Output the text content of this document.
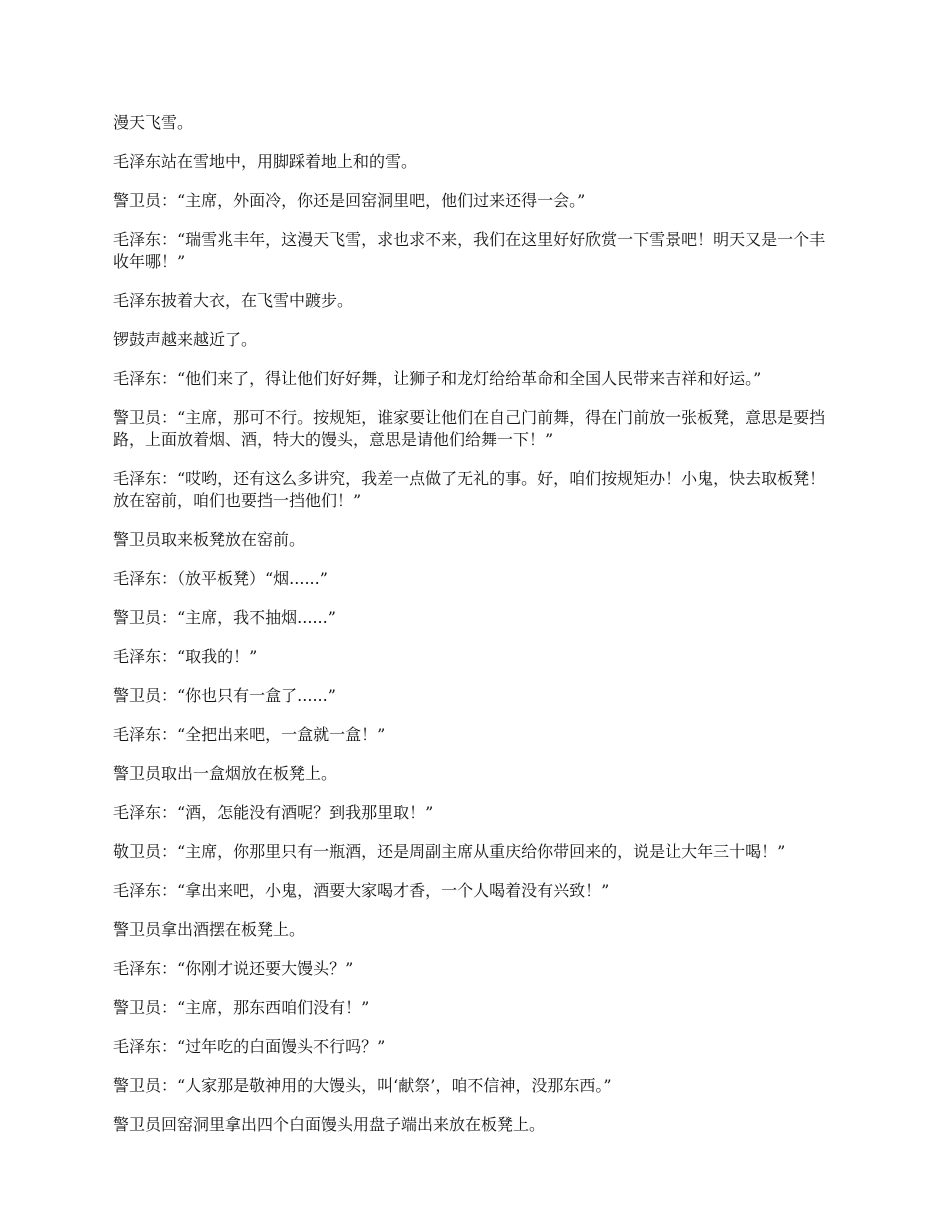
漫天飞雪。

毛泽东站在雪地中，用脚踩着地上和的雪。

警卫员：“主席，外面冷，你还是回窑洞里吧，他们过来还得一会。”

毛泽东：“瑞雪兆丰年，这漫天飞雪，求也求不来，我们在这里好好欣赏一下雪景吧！明天又是一个丰收年哪！”

毛泽东披着大衣，在飞雪中踱步。

锣鼓声越来越近了。

毛泽东：“他们来了，得让他们好好舞，让狮子和龙灯给给革命和全国人民带来吉祥和好运。”

警卫员：“主席，那可不行。按规矩，谁家要让他们在自己门前舞，得在门前放一张板凳，意思是要挡路，上面放着烟、酒，特大的馒头，意思是请他们给舞一下！”

毛泽东：“哎哟，还有这么多讲究，我差一点做了无礼的事。好，咱们按规矩办！小鬼，快去取板凳！放在窑前，咱们也要挡一挡他们！”

警卫员取来板凳放在窑前。

毛泽东：（放平板凳）“烟......”

警卫员：“主席，我不抽烟......”

毛泽东：“取我的！”

警卫员：“你也只有一盒了......”

毛泽东：“全把出来吧，一盒就一盒！”

警卫员取出一盒烟放在板凳上。

毛泽东：“酒，怎能没有酒呢？到我那里取！”

敬卫员：“主席，你那里只有一瓶酒，还是周副主席从重庆给你带回来的，说是让大年三十喝！”

毛泽东：“拿出来吧，小鬼，酒要大家喝才香，一个人喝着没有兴致！”

警卫员拿出酒摆在板凳上。

毛泽东：“你刚才说还要大馒头？”

警卫员：“主席，那东西咱们没有！”

毛泽东：“过年吃的白面馒头不行吗？”

警卫员：“人家那是敬神用的大馒头，叫‘献祭’，咱不信神，没那东西。”

警卫员回窑洞里拿出四个白面馒头用盘子端出来放在板凳上。
